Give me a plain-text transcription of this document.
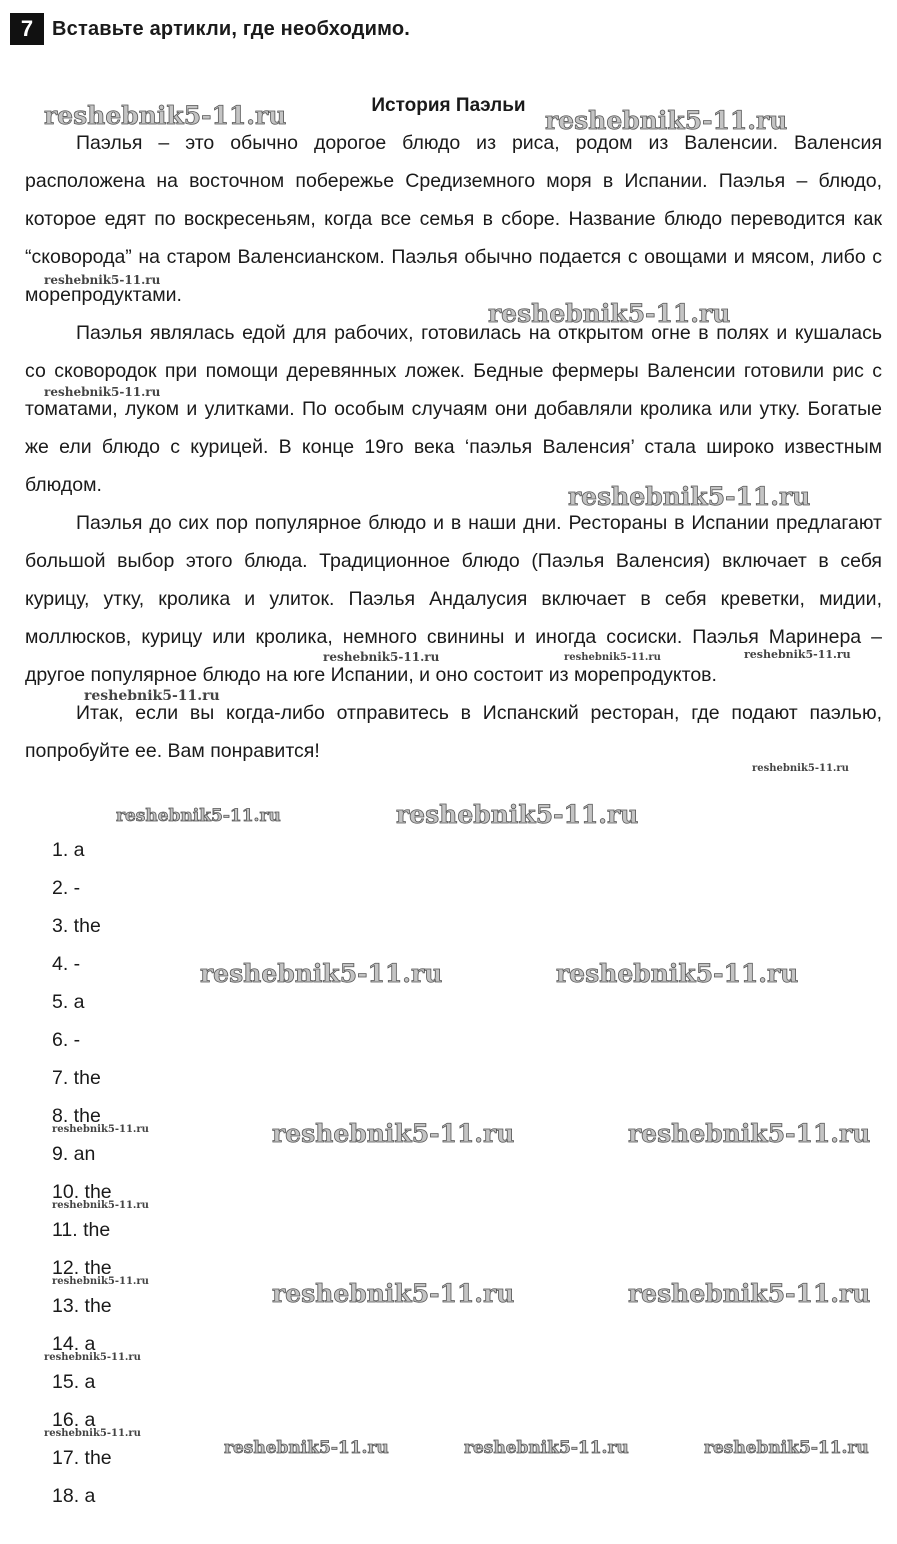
7 Вставьте артикли, где необходимо.
История Паэльи

Паэлья – это обычно дорогое блюдо из риса, родом из Валенсии. Валенсия расположена на восточном побережье Средиземного моря в Испании. Паэлья – блюдо, которое едят по воскресеньям, когда все семья в сборе. Название блюдо переводится как “сковорода” на старом Валенсианском. Паэлья обычно подается с овощами и мясом, либо с морепродуктами.

Паэлья являлась едой для рабочих, готовилась на открытом огне в полях и кушалась со сковородок при помощи деревянных ложек. Бедные фермеры Валенсии готовили рис с томатами, луком и улитками. По особым случаям они добавляли кролика или утку. Богатые же ели блюдо с курицей. В конце 19го века ‘паэлья Валенсия’ стала широко известным блюдом.

Паэлья до сих пор популярное блюдо и в наши дни. Рестораны в Испании предлагают большой выбор этого блюда. Традиционное блюдо (Паэлья Валенсия) включает в себя курицу, утку, кролика и улиток. Паэлья Андалусия включает в себя креветки, мидии, моллюсков, курицу или кролика, немного свинины и иногда сосиски. Паэлья Маринера – другое популярное блюдо на юге Испании, и оно состоит из морепродуктов.

Итак, если вы когда-либо отправитесь в Испанский ресторан, где подают паэлью, попробуйте ее. Вам понравится!

1. a
2. -
3. the
4. -
5. a
6. -
7. the
8. the
9. an
10. the
11. the
12. the
13. the
14. a
15. a
16. a
17. the
18. a
reshebnik5-11.ru	reshebnik5-11.ru
reshebnik5-11.ru
reshebnik5-11.ru
reshebnik5-11.ru
reshebnik5-11.ru
reshebnik5-11.ru	reshebnik5-11.ru	reshebnik5-11.ru
reshebnik5-11.ru
reshebnik5-11.ru
reshebnik5-11.ru	reshebnik5-11.ru
reshebnik5-11.ru	reshebnik5-11.ru
reshebnik5-11.ru	reshebnik5-11.ru	reshebnik5-11.ru
reshebnik5-11.ru
reshebnik5-11.ru	reshebnik5-11.ru	reshebnik5-11.ru
reshebnik5-11.ru
reshebnik5-11.ru
reshebnik5-11.ru	reshebnik5-11.ru	reshebnik5-11.ru
